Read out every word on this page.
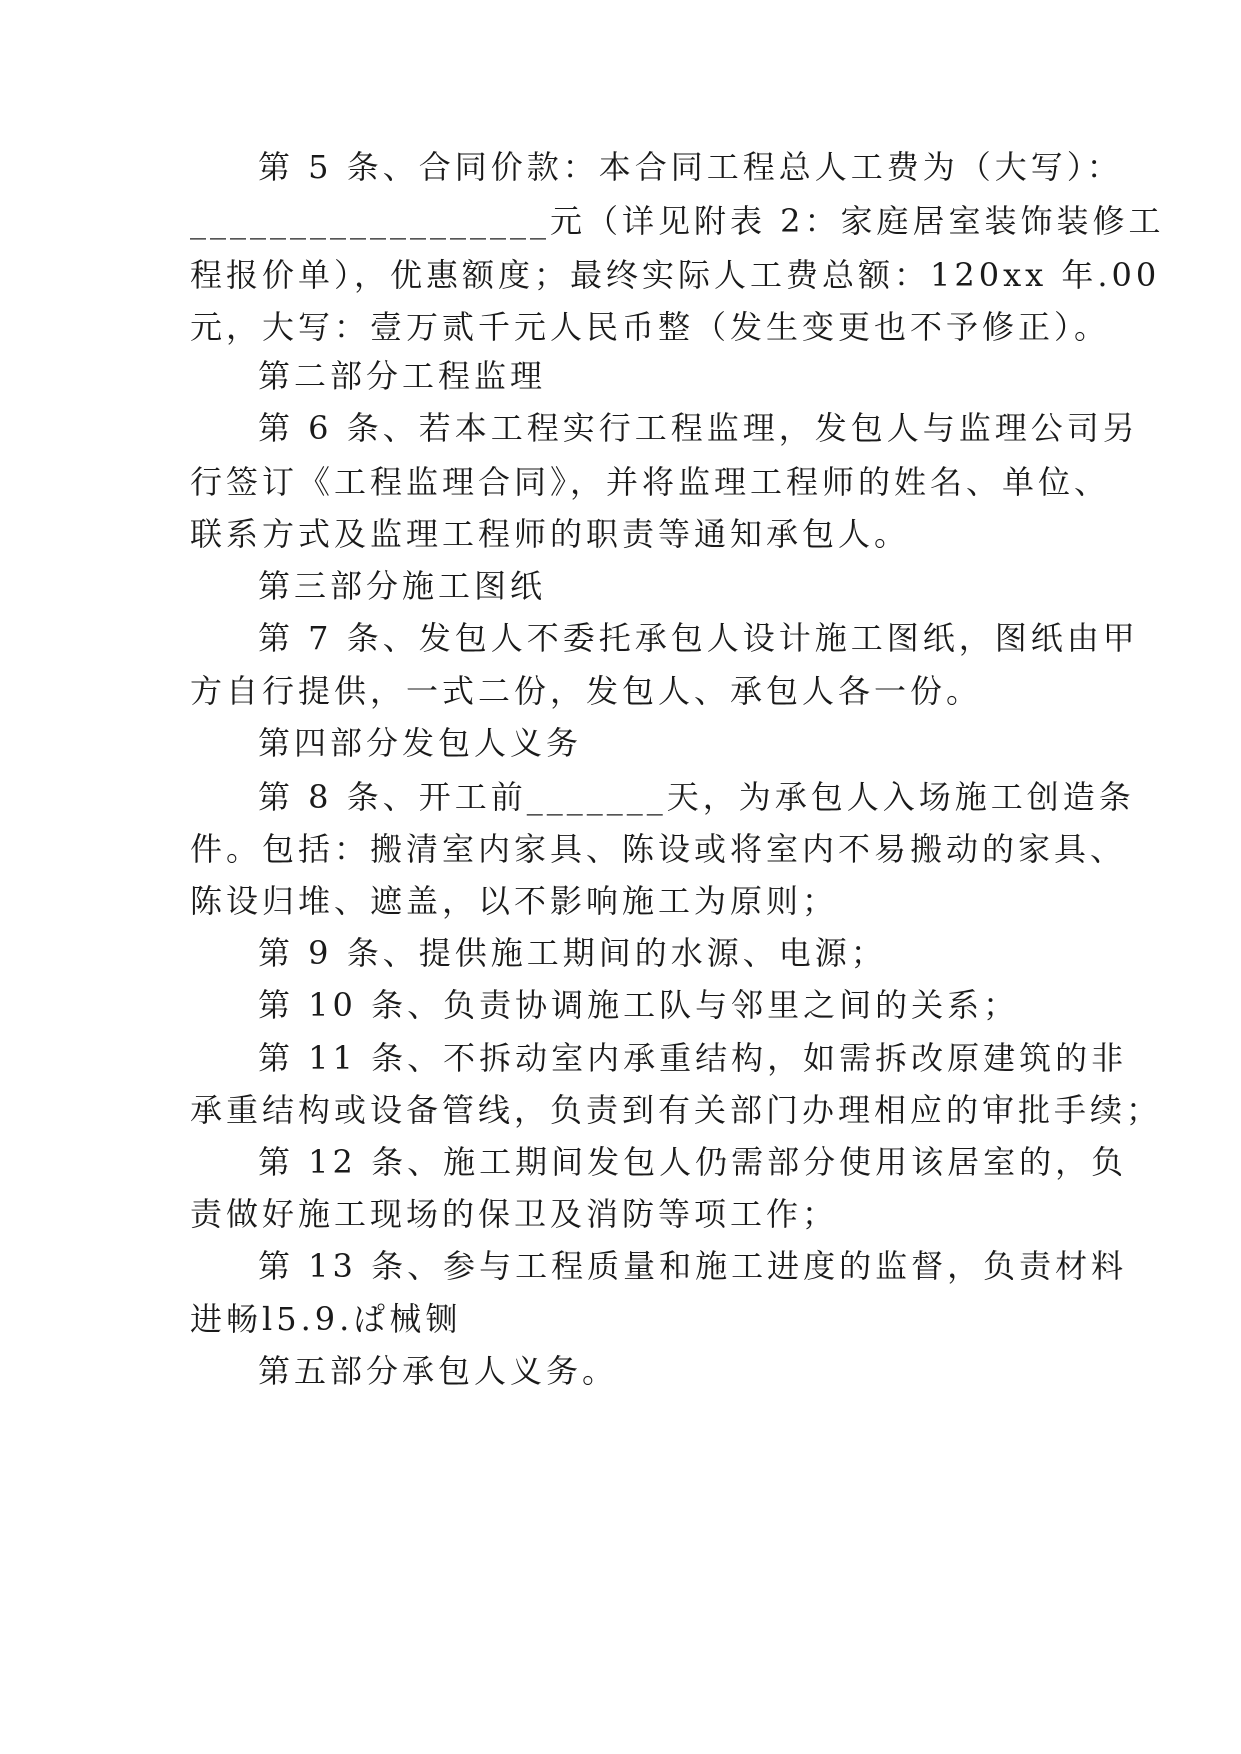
第 5 条、合同价款：本合同工程总人工费为（大写）：
__________________元（详见附表 2：家庭居室装饰装修工
程报价单），优惠额度；最终实际人工费总额：120xx 年.00
元，大写：壹万贰千元人民币整（发生变更也不予修正）。
第二部分工程监理
第 6 条、若本工程实行工程监理，发包人与监理公司另
行签订《工程监理合同》，并将监理工程师的姓名、单位、
联系方式及监理工程师的职责等通知承包人。
第三部分施工图纸
第 7 条、发包人不委托承包人设计施工图纸，图纸由甲
方自行提供，一式二份，发包人、承包人各一份。
第四部分发包人义务
第 8 条、开工前_______天，为承包人入场施工创造条
件。包括：搬清室内家具、陈设或将室内不易搬动的家具、
陈设归堆、遮盖，以不影响施工为原则；
第 9 条、提供施工期间的水源、电源；
第 10 条、负责协调施工队与邻里之间的关系；
第 11 条、不拆动室内承重结构，如需拆改原建筑的非
承重结构或设备管线，负责到有关部门办理相应的审批手续；
第 12 条、施工期间发包人仍需部分使用该居室的，负
责做好施工现场的保卫及消防等项工作；
第 13 条、参与工程质量和施工进度的监督，负责材料
进畅l5.9.ぱ械铡
第五部分承包人义务。
